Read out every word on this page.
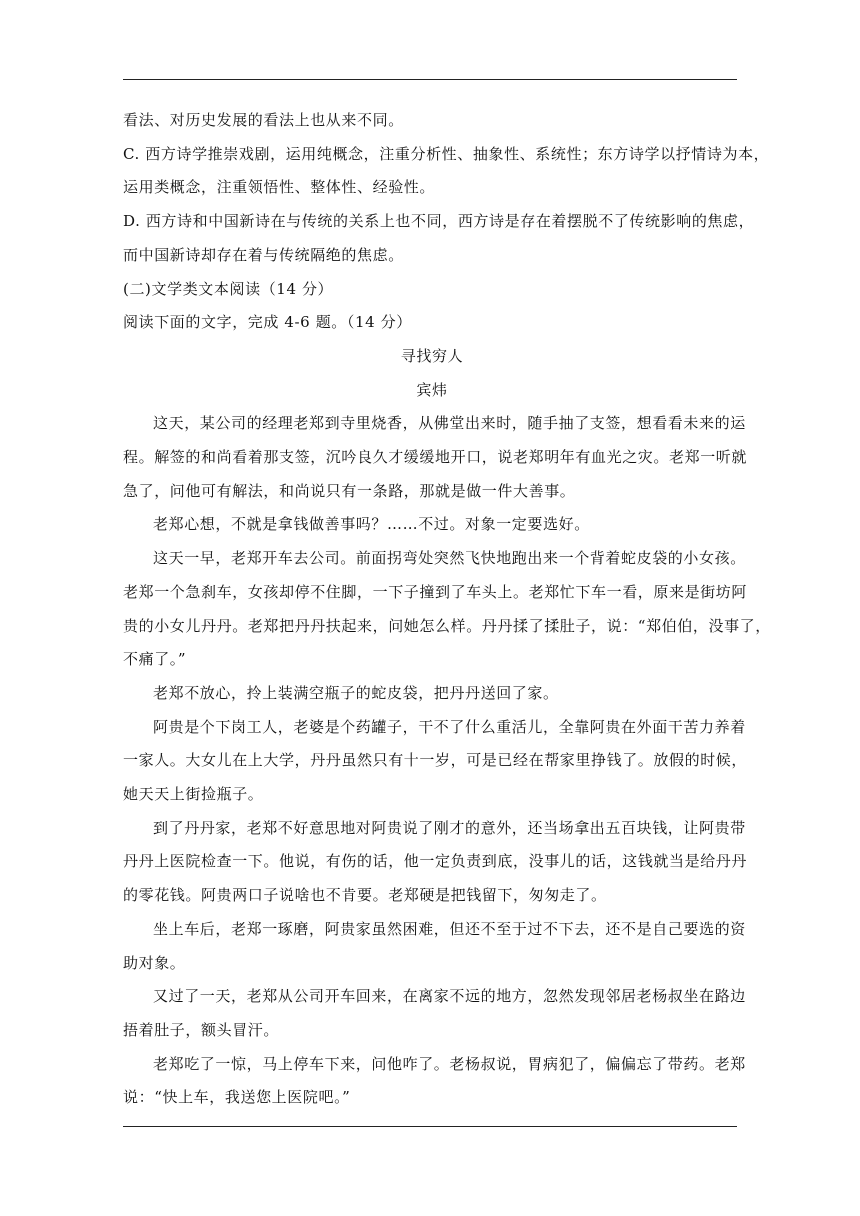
看法、对历史发展的看法上也从来不同。
C. 西方诗学推崇戏剧，运用纯概念，注重分析性、抽象性、系统性；东方诗学以抒情诗为本，
运用类概念，注重领悟性、整体性、经验性。
D. 西方诗和中国新诗在与传统的关系上也不同，西方诗是存在着摆脱不了传统影响的焦虑，
而中国新诗却存在着与传统隔绝的焦虑。
(二)文学类文本阅读（14 分）
阅读下面的文字，完成 4-6 题。（14 分）
寻找穷人
宾炜
这天，某公司的经理老郑到寺里烧香，从佛堂出来时，随手抽了支签，想看看未来的运
程。解签的和尚看着那支签，沉吟良久才缓缓地开口，说老郑明年有血光之灾。老郑一听就
急了，问他可有解法，和尚说只有一条路，那就是做一件大善事。
老郑心想，不就是拿钱做善事吗？……不过。对象一定要选好。
这天一早，老郑开车去公司。前面拐弯处突然飞快地跑出来一个背着蛇皮袋的小女孩。
老郑一个急刹车，女孩却停不住脚，一下子撞到了车头上。老郑忙下车一看，原来是街坊阿
贵的小女儿丹丹。老郑把丹丹扶起来，问她怎么样。丹丹揉了揉肚子，说：“郑伯伯，没事了，
不痛了。”
老郑不放心，拎上装满空瓶子的蛇皮袋，把丹丹送回了家。
阿贵是个下岗工人，老婆是个药罐子，干不了什么重活儿，全靠阿贵在外面干苦力养着
一家人。大女儿在上大学，丹丹虽然只有十一岁，可是已经在帮家里挣钱了。放假的时候，
她天天上街捡瓶子。
到了丹丹家，老郑不好意思地对阿贵说了刚才的意外，还当场拿出五百块钱，让阿贵带
丹丹上医院检查一下。他说，有伤的话，他一定负责到底，没事儿的话，这钱就当是给丹丹
的零花钱。阿贵两口子说啥也不肯要。老郑硬是把钱留下，匆匆走了。
坐上车后，老郑一琢磨，阿贵家虽然困难，但还不至于过不下去，还不是自己要选的资
助对象。
又过了一天，老郑从公司开车回来，在离家不远的地方，忽然发现邻居老杨叔坐在路边
捂着肚子，额头冒汗。
老郑吃了一惊，马上停车下来，问他咋了。老杨叔说，胃病犯了，偏偏忘了带药。老郑
说：“快上车，我送您上医院吧。”
